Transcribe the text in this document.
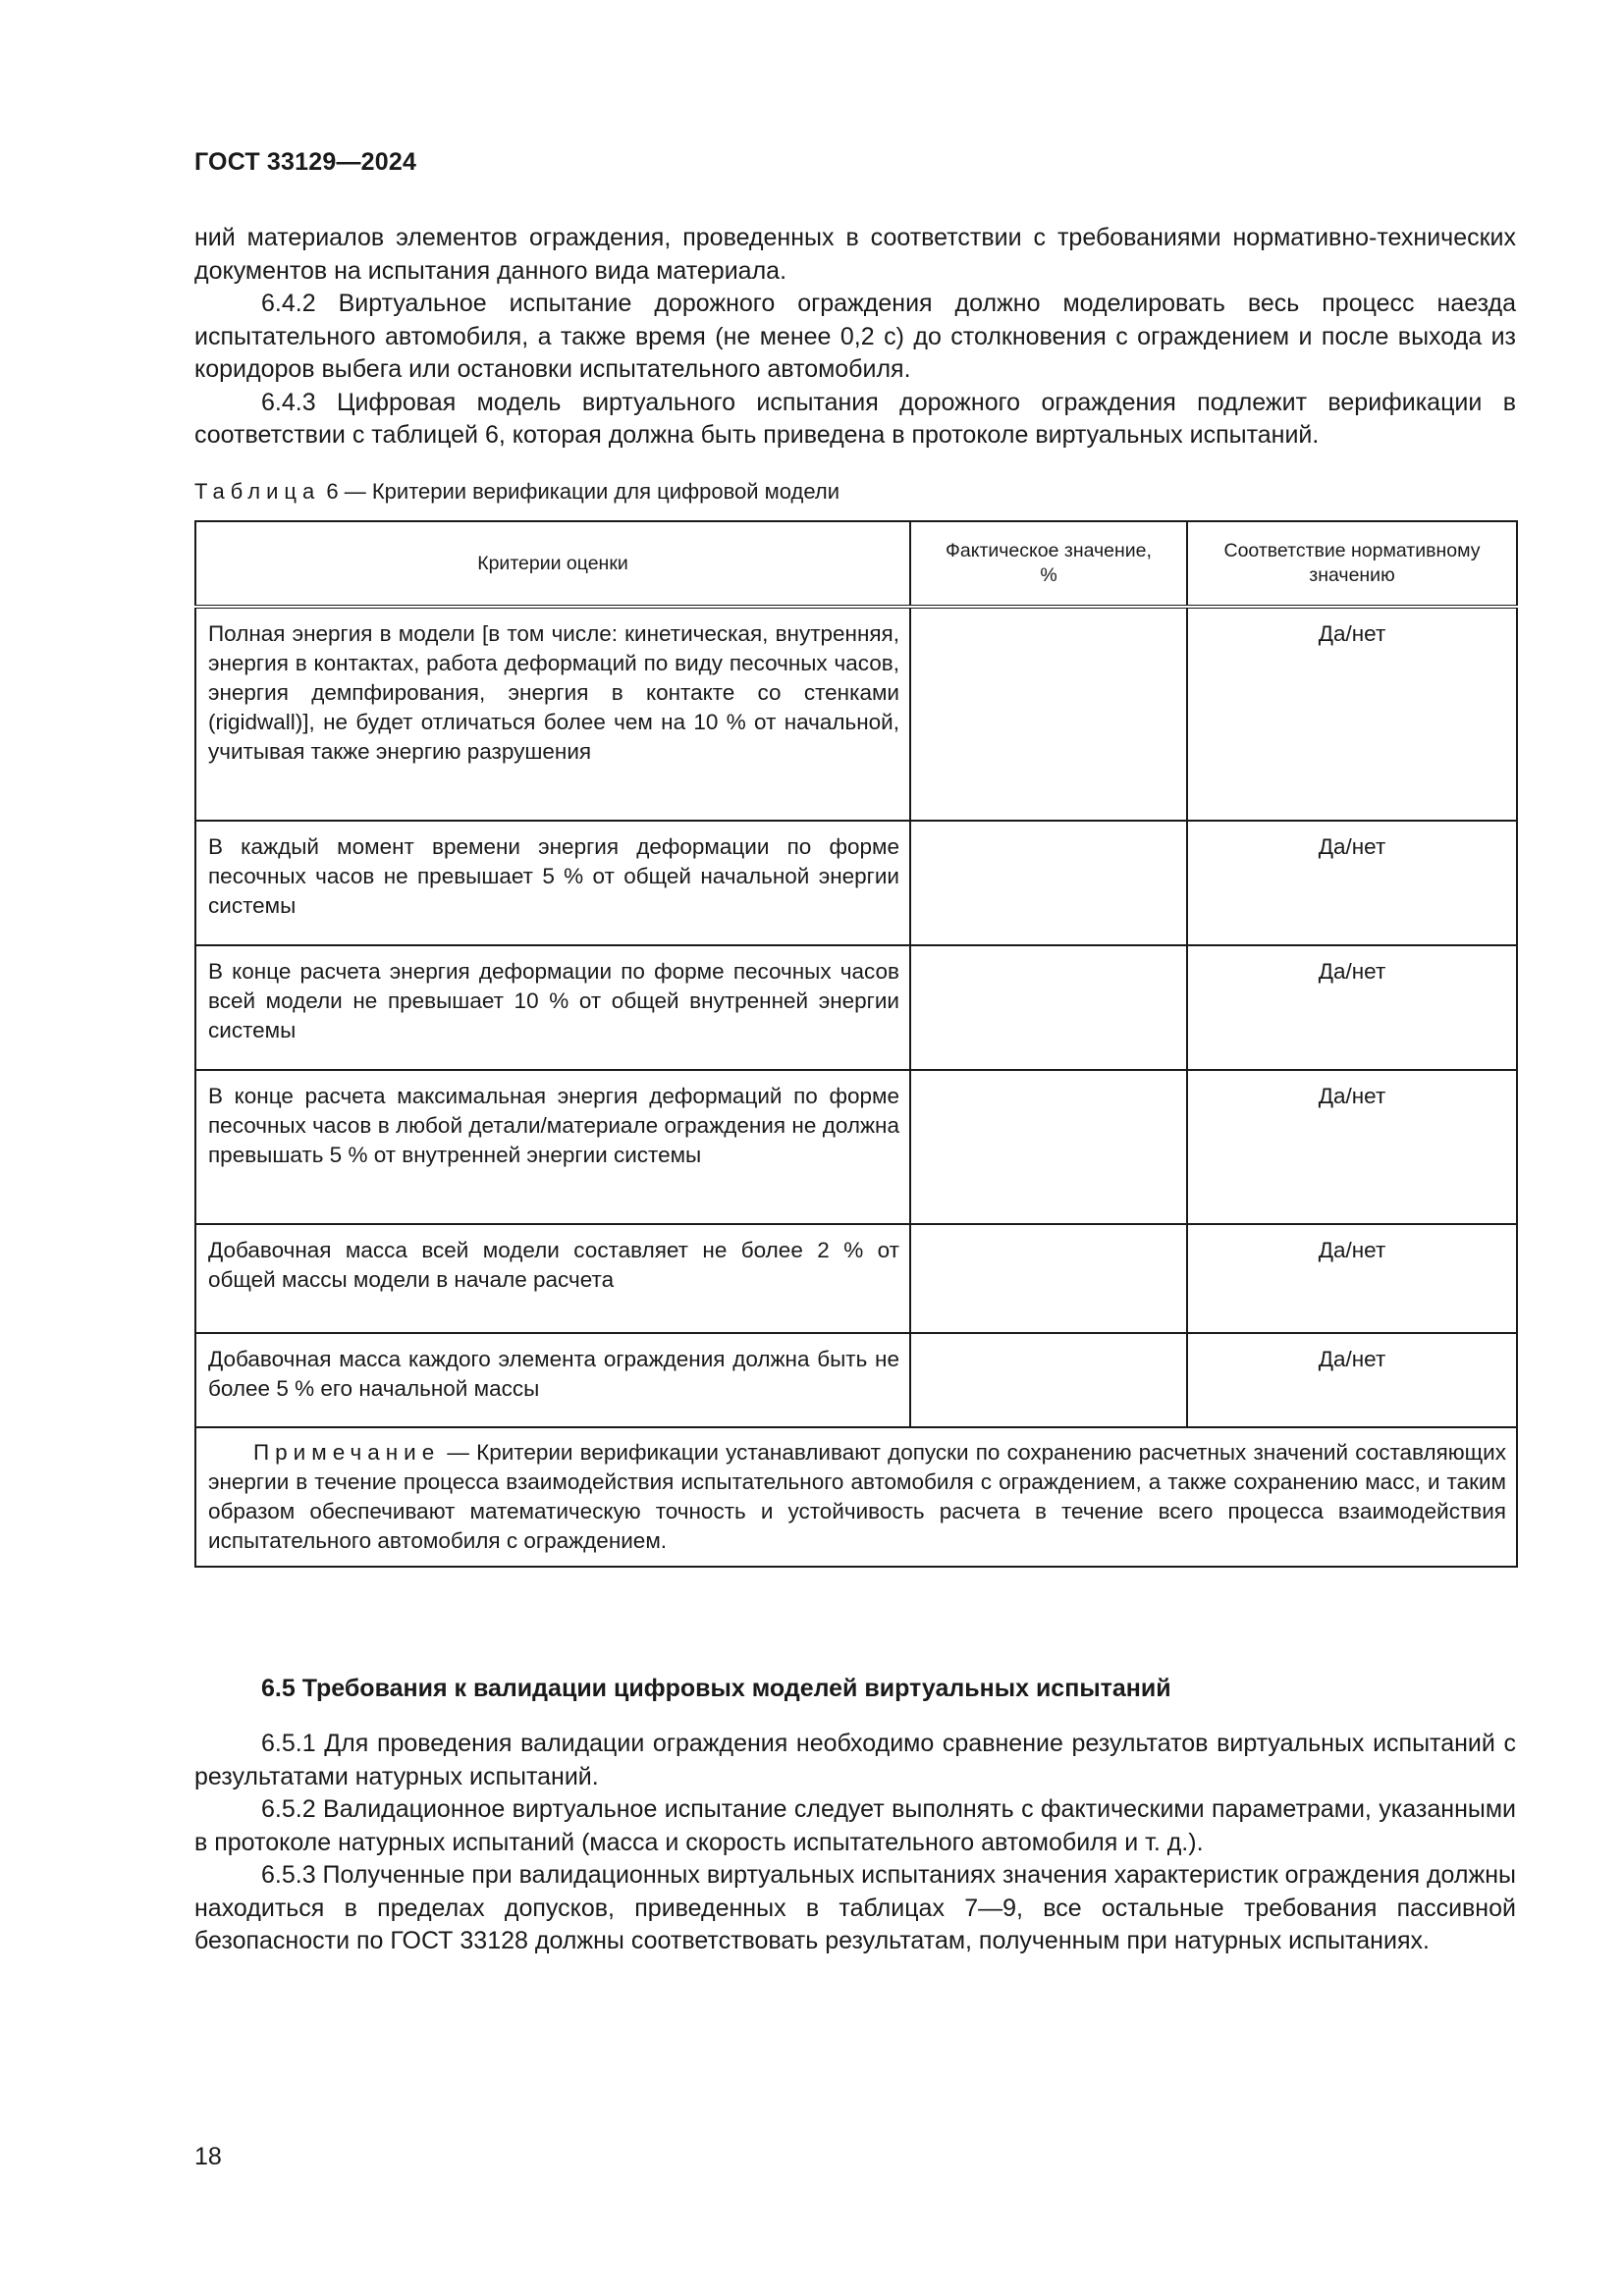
ГОСТ 33129—2024

ний материалов элементов ограждения, проведенных в соответствии с требованиями нормативно-технических документов на испытания данного вида материала.

6.4.2 Виртуальное испытание дорожного ограждения должно моделировать весь процесс наезда испытательного автомобиля, а также время (не менее 0,2 с) до столкновения с ограждением и после выхода из коридоров выбега или остановки испытательного автомобиля.

6.4.3 Цифровая модель виртуального испытания дорожного ограждения подлежит верификации в соответствии с таблицей 6, которая должна быть приведена в протоколе виртуальных испытаний.

Таблица 6 — Критерии верификации для цифровой модели
Критерии оценки	Фактическое значение, %	Соответствие нормативному значению
Полная энергия в модели [в том числе: кинетическая, внутренняя, энергия в контактах, работа деформаций по виду песочных часов, энергия демпфирования, энергия в контакте со стенками (rigidwall)], не будет отличаться более чем на 10 % от начальной, учитывая также энергию разрушения		Да/нет
В каждый момент времени энергия деформации по форме песочных часов не превышает 5 % от общей начальной энергии системы		Да/нет
В конце расчета энергия деформации по форме песочных часов всей модели не превышает 10 % от общей внутренней энергии системы		Да/нет
В конце расчета максимальная энергия деформаций по форме песочных часов в любой детали/материале ограждения не должна превышать 5 % от внутренней энергии системы		Да/нет
Добавочная масса всей модели составляет не более 2 % от общей массы модели в начале расчета		Да/нет
Добавочная масса каждого элемента ограждения должна быть не более 5 % его начальной массы		Да/нет
Примечание — Критерии верификации устанавливают допуски по сохранению расчетных значений составляющих энергии в течение процесса взаимодействия испытательного автомобиля с ограждением, а также сохранению масс, и таким образом обеспечивают математическую точность и устойчивость расчета в течение всего процесса взаимодействия испытательного автомобиля с ограждением.		
6.5 Требования к валидации цифровых моделей виртуальных испытаний

6.5.1 Для проведения валидации ограждения необходимо сравнение результатов виртуальных испытаний с результатами натурных испытаний.

6.5.2 Валидационное виртуальное испытание следует выполнять с фактическими параметрами, указанными в протоколе натурных испытаний (масса и скорость испытательного автомобиля и т. д.).

6.5.3 Полученные при валидационных виртуальных испытаниях значения характеристик ограждения должны находиться в пределах допусков, приведенных в таблицах 7—9, все остальные требования пассивной безопасности по ГОСТ 33128 должны соответствовать результатам, полученным при натурных испытаниях.

18
